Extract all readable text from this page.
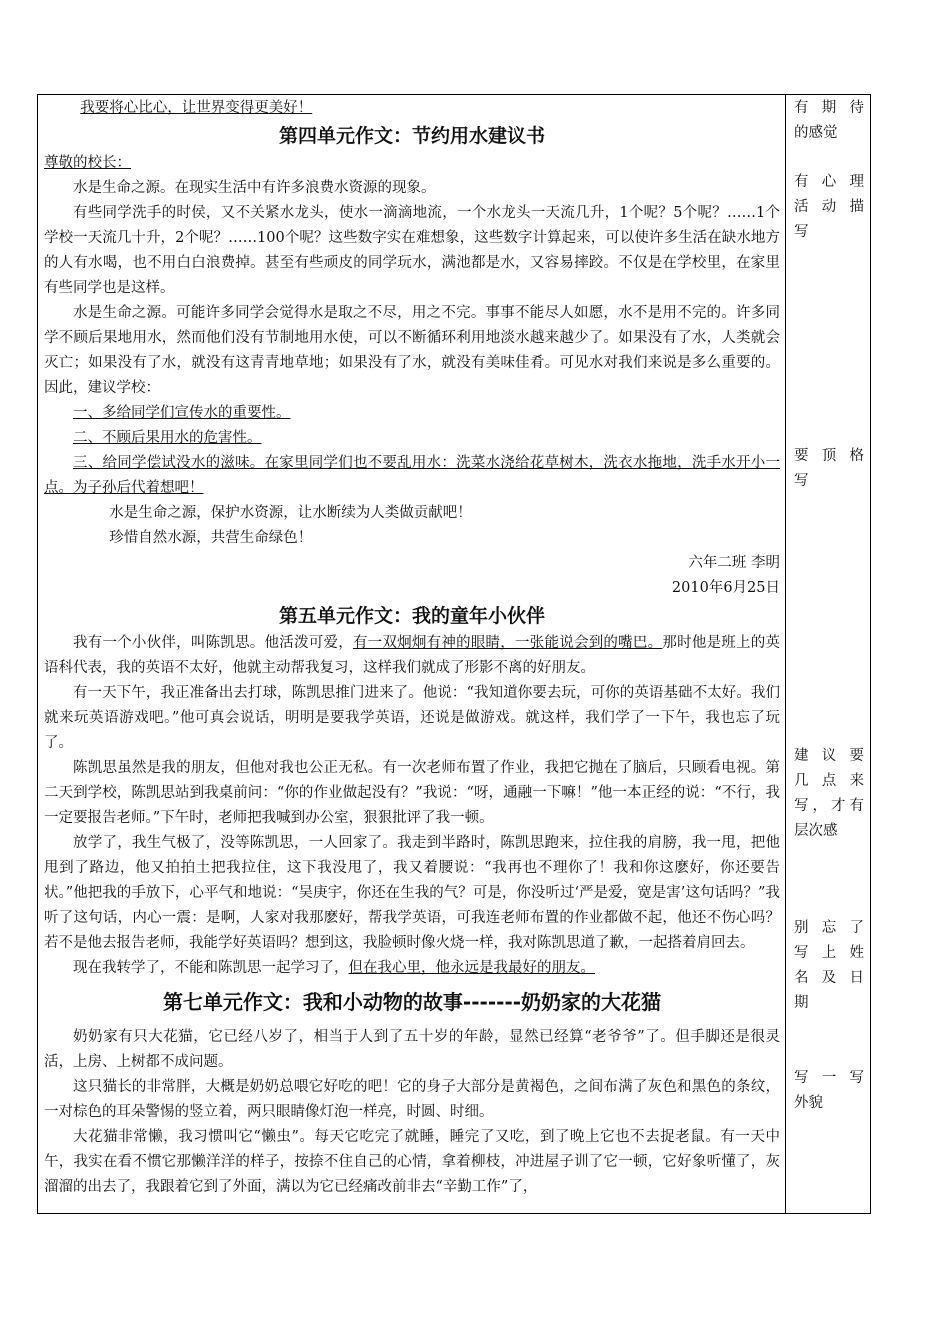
我要将心比心，让世界变得更美好！

第四单元作文：节约用水建议书

尊敬的校长：

水是生命之源。在现实生活中有许多浪费水资源的现象。

有些同学洗手的时侯，又不关紧水龙头，使水一滴滴地流，一个水龙头一天流几升，1个呢？5个呢？……1个学校一天流几十升，2个呢？……100个呢？这些数字实在难想象，这些数字计算起来，可以使许多生活在缺水地方的人有水喝，也不用白白浪费掉。甚至有些顽皮的同学玩水，满池都是水，又容易摔跤。不仅是在学校里，在家里有些同学也是这样。

水是生命之源。可能许多同学会觉得水是取之不尽，用之不完。事事不能尽人如愿，水不是用不完的。许多同学不顾后果地用水，然而他们没有节制地用水使，可以不断循环利用地淡水越来越少了。如果没有了水，人类就会灭亡；如果没有了水，就没有这青青地草地；如果没有了水，就没有美味佳肴。可见水对我们来说是多么重要的。因此，建议学校：

一、多给同学们宣传水的重要性。

二、不顾后果用水的危害性。

三、给同学偿试没水的滋味。在家里同学们也不要乱用水：洗菜水浇给花草树木，洗衣水拖地，洗手水开小一点。为子孙后代着想吧！

水是生命之源，保护水资源，让水断续为人类做贡献吧！

珍惜自然水源，共营生命绿色！

六年二班 李明

2010年6月25日

第五单元作文：我的童年小伙伴

我有一个小伙伴，叫陈凯思。他活泼可爱，有一双炯炯有神的眼睛，一张能说会到的嘴巴。那时他是班上的英语科代表，我的英语不太好，他就主动帮我复习，这样我们就成了形影不离的好朋友。

有一天下午，我正准备出去打球，陈凯思推门进来了。他说：“我知道你要去玩，可你的英语基础不太好。我们就来玩英语游戏吧。”他可真会说话，明明是要我学英语，还说是做游戏。就这样，我们学了一下午，我也忘了玩了。

陈凯思虽然是我的朋友，但他对我也公正无私。有一次老师布置了作业，我把它抛在了脑后，只顾看电视。第二天到学校，陈凯思站到我桌前问：“你的作业做起没有？”我说：“呀，通融一下嘛！”他一本正经的说：“不行，我一定要报告老师。”下午时，老师把我喊到办公室，狠狠批评了我一顿。

放学了，我生气极了，没等陈凯思，一人回家了。我走到半路时，陈凯思跑来，拉住我的肩膀，我一甩，把他甩到了路边，他又拍拍土把我拉住，这下我没甩了，我又着腰说：“我再也不理你了！我和你这麽好，你还要告状。”他把我的手放下，心平气和地说：“吴庚宇，你还在生我的气？可是，你没听过‘严是爱，宽是害’这句话吗？”我听了这句话，内心一震：是啊，人家对我那麽好，帮我学英语，可我连老师布置的作业都做不起，他还不伤心吗？若不是他去报告老师，我能学好英语吗？想到这，我脸顿时像火烧一样，我对陈凯思道了歉，一起搭着肩回去。

现在我转学了，不能和陈凯思一起学习了，但在我心里，他永远是我最好的朋友。

第七单元作文：我和小动物的故事-------奶奶家的大花猫

奶奶家有只大花猫，它已经八岁了，相当于人到了五十岁的年龄，显然已经算“老爷爷”了。但手脚还是很灵活，上房、上树都不成问题。

这只猫长的非常胖，大概是奶奶总喂它好吃的吧！它的身子大部分是黄褐色，之间布满了灰色和黑色的条纹，一对棕色的耳朵警惕的竖立着，两只眼睛像灯泡一样亮，时圆、时细。

大花猫非常懒，我习惯叫它“懒虫”。每天它吃完了就睡，睡完了又吃，到了晚上它也不去捉老鼠。有一天中午，我实在看不惯它那懒洋洋的样子，按捺不住自己的心情，拿着柳枝，冲进屋子训了它一顿，它好象听懂了，灰溜溜的出去了，我跟着它到了外面，满以为它已经痛改前非去“辛勤工作”了，

有期待
的感觉
有心理
活动描
写
要顶格
写
建议要
几点来
写，才有
层次感
别忘了
写上姓
名及日
期
写一写
外貌
